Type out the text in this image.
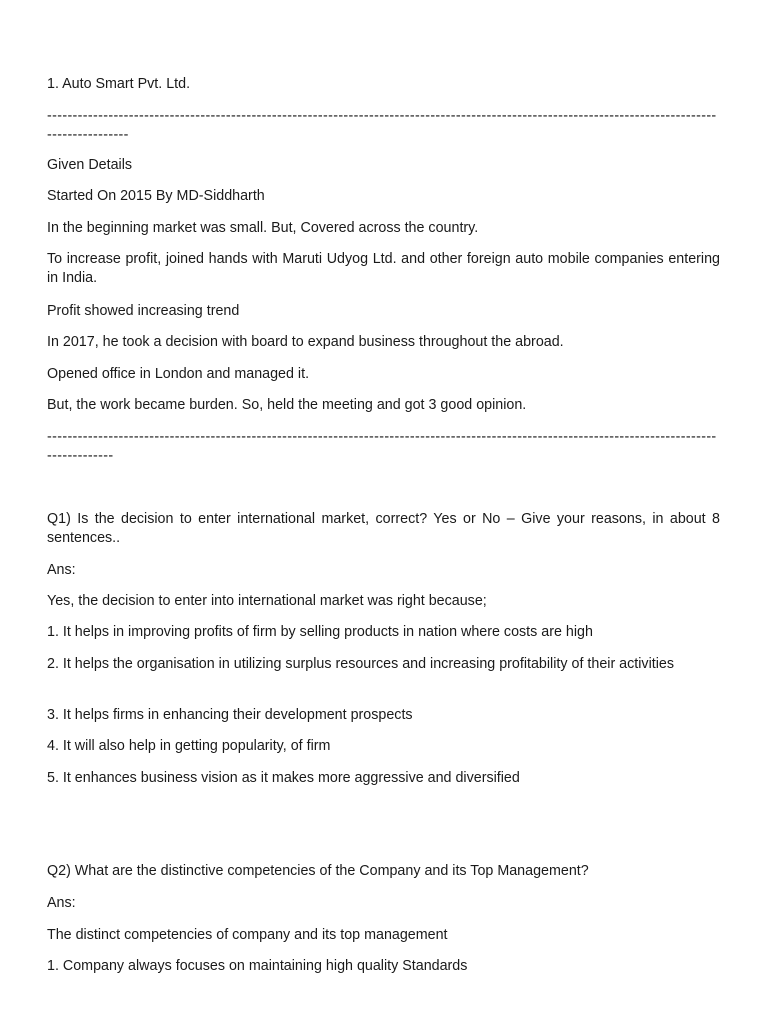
1. Auto Smart Pvt. Ltd.
---------------------------------------------------------------------------------------------------------------------------------------------------
Given Details
Started On 2015 By MD-Siddharth
In the beginning market was small. But, Covered across the country.
To increase profit, joined hands with Maruti Udyog Ltd. and other foreign auto mobile companies entering in India.
Profit showed increasing trend
In 2017, he took a decision with board to expand business throughout the abroad.
Opened office in London and managed it.
But, the work became burden. So, held the meeting and got 3 good opinion.
------------------------------------------------------------------------------------------------------------------------------------------------
Q1) Is the decision to enter international market, correct? Yes or No – Give your reasons, in about 8 sentences..
Ans:
Yes, the decision to enter into international market was right because;
1. It helps in improving profits of firm by selling products in nation where costs are high
2. It helps the organisation in utilizing surplus resources and increasing profitability of their activities
3. It helps firms in enhancing their development prospects
4. It will also help in getting popularity, of firm
5. It enhances business vision as it makes more aggressive and diversified
Q2) What are the distinctive competencies of the Company and its Top Management?
Ans:
The distinct competencies of company and its top management
1. Company always focuses on maintaining high quality Standards
